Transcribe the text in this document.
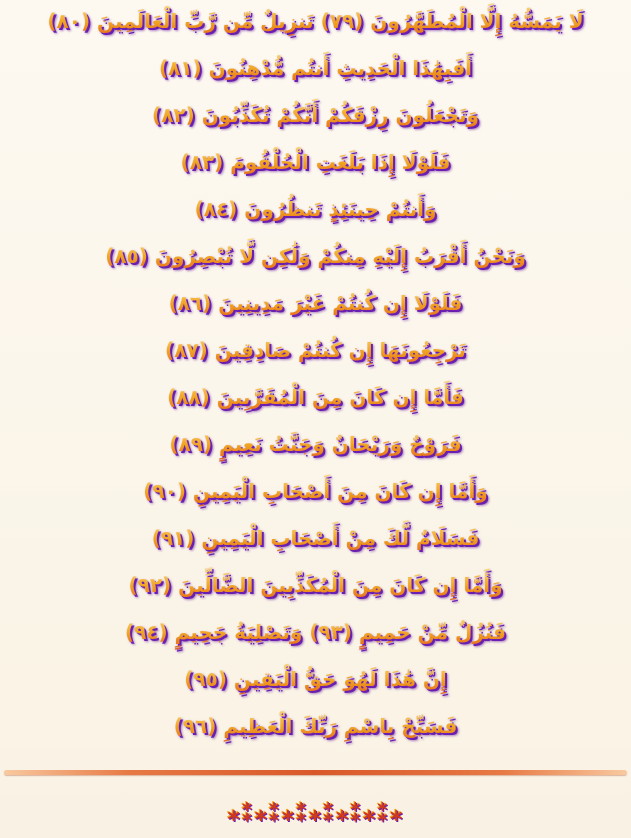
لَا يَمَسُّهُ إِلَّا الْمُطَهَّرُونَ (٧٩) تَنزِيلٌ مِّن رَّبِّ الْعَالَمِينَ (٨٠)
أَفَبِهَٰذَا الْحَدِيثِ أَنتُم مُّدْهِنُونَ (٨١)
وَتَجْعَلُونَ رِزْقَكُمْ أَنَّكُمْ تُكَذِّبُونَ (٨٢)
فَلَوْلَا إِذَا بَلَغَتِ الْحُلْقُومَ (٨٣)
وَأَنتُمْ حِينَئِذٍ تَنظُرُونَ (٨٤)
وَنَحْنُ أَقْرَبُ إِلَيْهِ مِنكُمْ وَلَٰكِن لَّا تُبْصِرُونَ (٨٥)
فَلَوْلَا إِن كُنتُمْ غَيْرَ مَدِينِينَ (٨٦)
تَرْجِعُونَهَا إِن كُنتُمْ صَادِقِينَ (٨٧)
فَأَمَّا إِن كَانَ مِنَ الْمُقَرَّبِينَ (٨٨)
فَرَوْحٌ وَرَيْحَانٌ وَجَنَّتُ نَعِيمٍ (٨٩)
وَأَمَّا إِن كَانَ مِنَ أَصْحَابِ الْيَمِينِ (٩٠)
فَسَلَامٌ لَّكَ مِنْ أَصْحَابِ الْيَمِينِ (٩١)
وَأَمَّا إِن كَانَ مِنَ الْمُكَذِّبِينَ الضَّالِّينَ (٩٢)
فَنُزُلٌ مِّنْ حَمِيمٍ (٩٣) وَتَصْلِيَةُ جَحِيمٍ (٩٤)
إِنَّ هَٰذَا لَهُوَ حَقُّ الْيَقِينِ (٩٥)
فَسَبِّحْ بِاسْمِ رَبِّكَ الْعَظِيمِ (٩٦)
⁎⁑⁎⁑⁎⁑⁎⁑⁎⁑⁎⁑⁎
